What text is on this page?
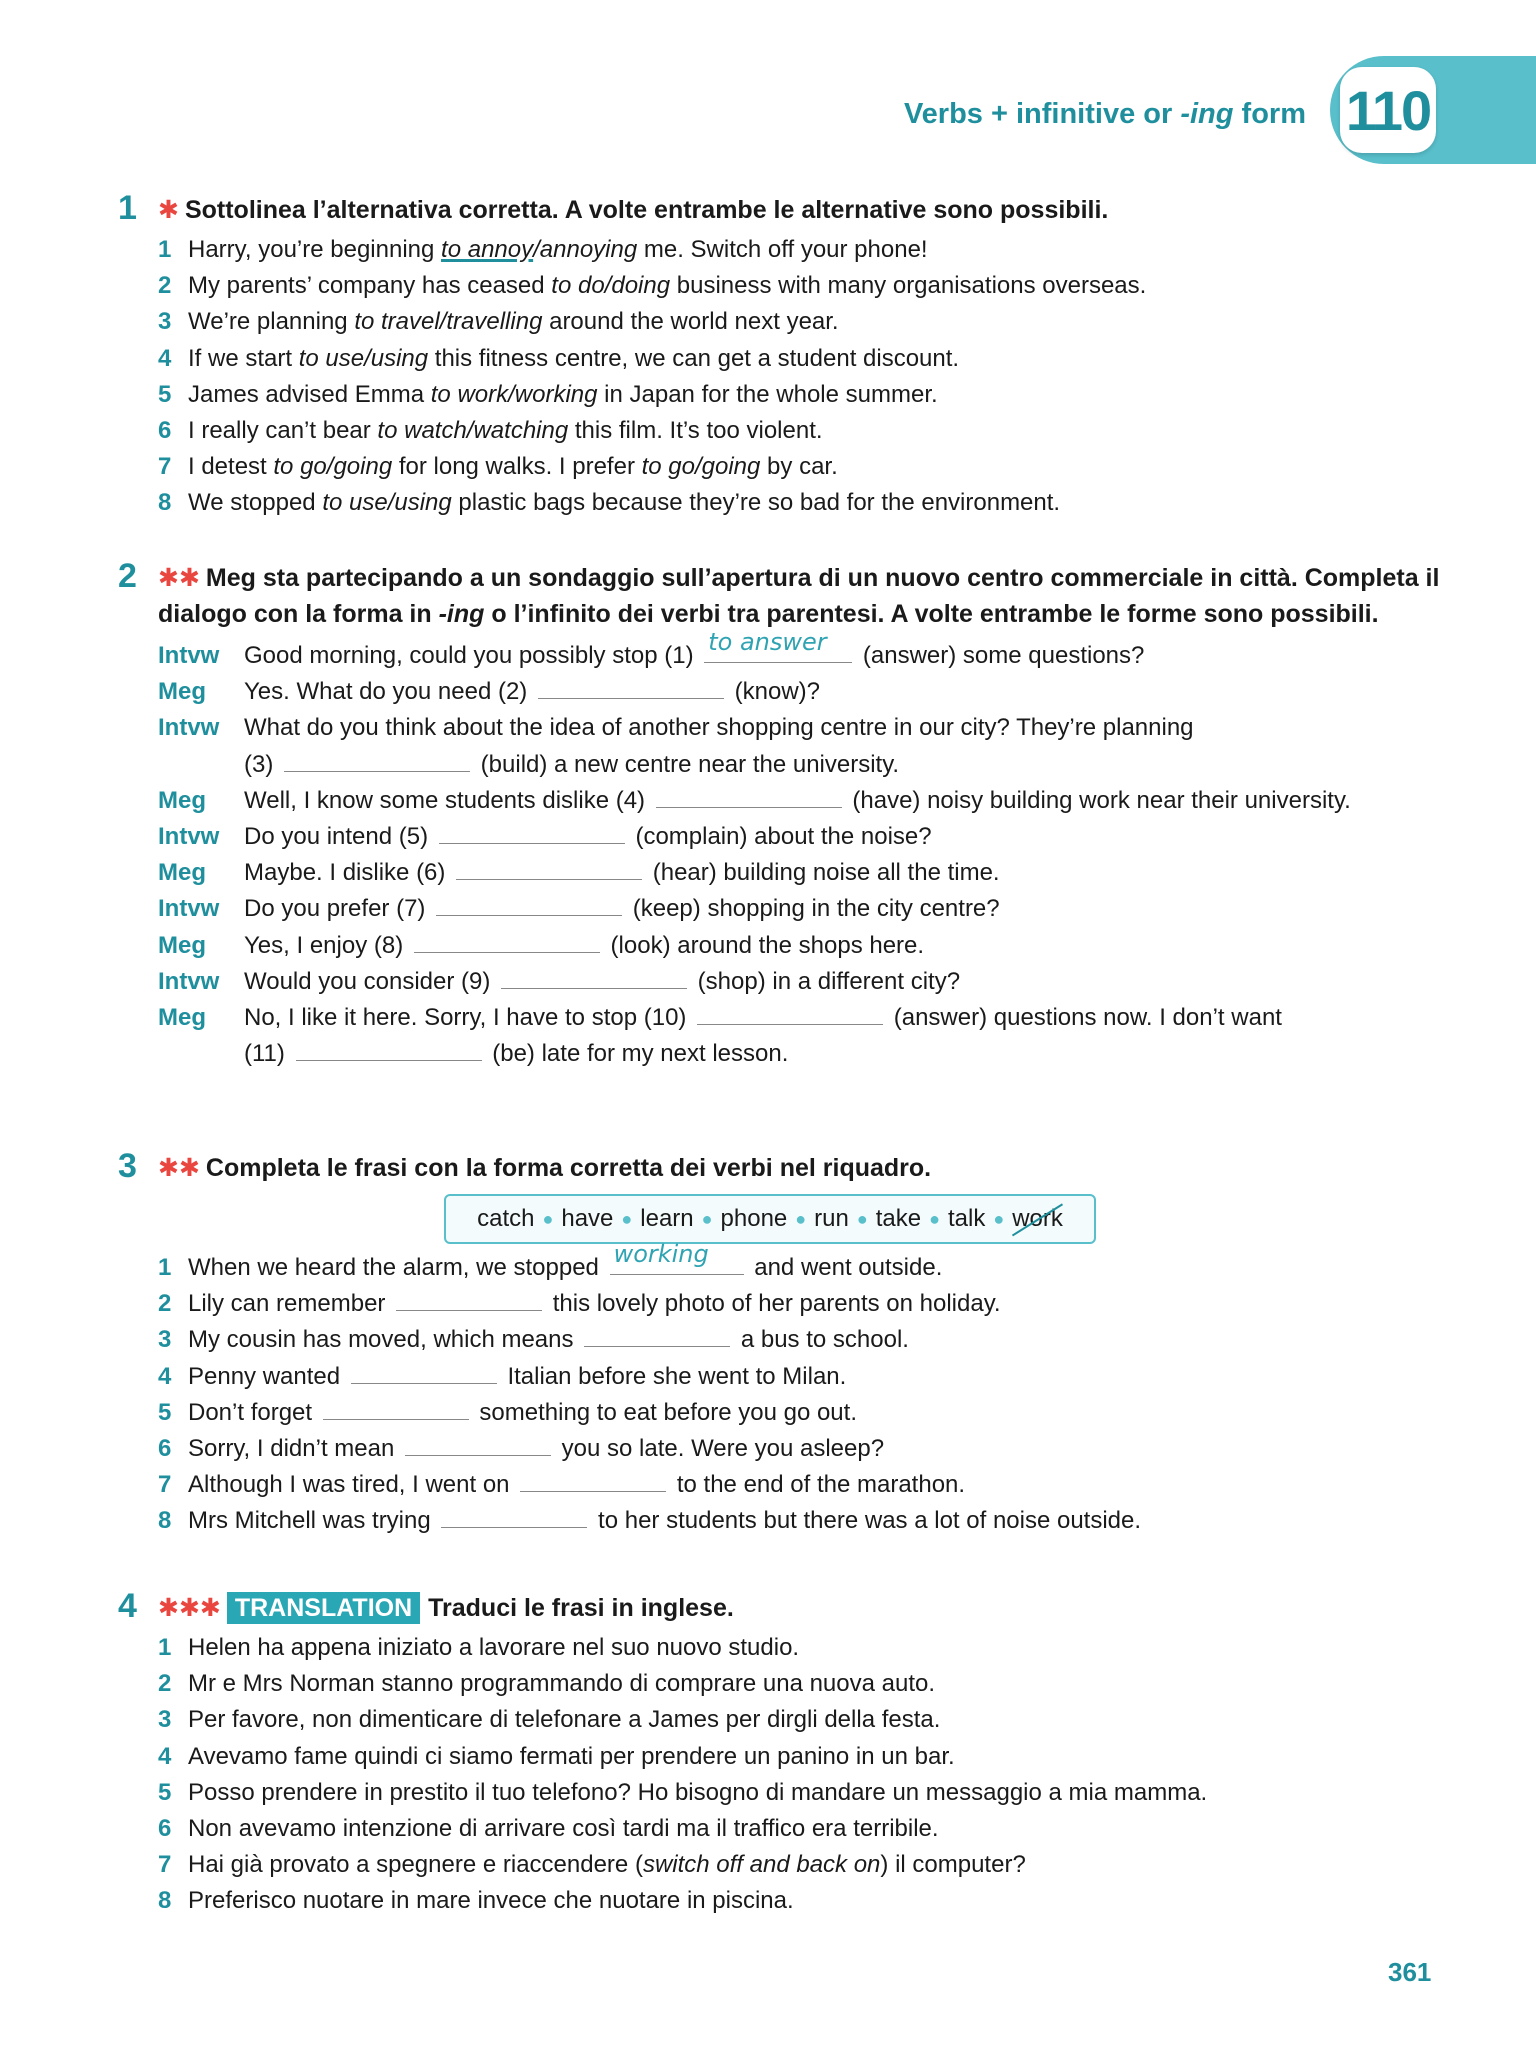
110
Verbs + infinitive or -ing form
1 ✱ Sottolinea l’alternativa corretta. A volte entrambe le alternative sono possibili.
1 Harry, you’re beginning to annoy/annoying me. Switch off your phone!
2 My parents’ company has ceased to do/doing business with many organisations overseas.
3 We’re planning to travel/travelling around the world next year.
4 If we start to use/using this fitness centre, we can get a student discount.
5 James advised Emma to work/working in Japan for the whole summer.
6 I really can’t bear to watch/watching this film. It’s too violent.
7 I detest to go/going for long walks. I prefer to go/going by car.
8 We stopped to use/using plastic bags because they’re so bad for the environment.
2 ✱✱ Meg sta partecipando a un sondaggio sull’apertura di un nuovo centro commerciale in città. Completa il dialogo con la forma in -ing o l’infinito dei verbi tra parentesi. A volte entrambe le forme sono possibili.
Intvw	Good morning, could you possibly stop (1) to answer (answer) some questions?
Meg	Yes. What do you need (2)	(know)?
Intvw	What do you think about the idea of another shopping centre in our city? They’re planning
(3)	(build) a new centre near the university.
Meg	Well, I know some students dislike (4)	(have) noisy building work near their university.
Intvw	Do you intend (5)	(complain) about the noise?
Meg	Maybe. I dislike (6)	(hear) building noise all the time.
Intvw	Do you prefer (7)	(keep) shopping in the city centre?
Meg	Yes, I enjoy (8)	(look) around the shops here.
Intvw	Would you consider (9)	(shop) in a different city?
Meg	No, I like it here. Sorry, I have to stop (10)	(answer) questions now. I don’t want
(11)	(be) late for my next lesson.
3 ✱✱ Completa le frasi con la forma corretta dei verbi nel riquadro.
catch ● have ● learn ● phone ● run ● take ● talk ● work
1 When we heard the alarm, we stopped working and went outside.
2 Lily can remember	this lovely photo of her parents on holiday.
3 My cousin has moved, which means	a bus to school.
4 Penny wanted	Italian before she went to Milan.
5 Don’t forget	something to eat before you go out.
6 Sorry, I didn’t mean	you so late. Were you asleep?
7 Although I was tired, I went on	to the end of the marathon.
8 Mrs Mitchell was trying	to her students but there was a lot of noise outside.
4 ✱✱✱ TRANSLATION Traduci le frasi in inglese.
1 Helen ha appena iniziato a lavorare nel suo nuovo studio.
2 Mr e Mrs Norman stanno programmando di comprare una nuova auto.
3 Per favore, non dimenticare di telefonare a James per dirgli della festa.
4 Avevamo fame quindi ci siamo fermati per prendere un panino in un bar.
5 Posso prendere in prestito il tuo telefono? Ho bisogno di mandare un messaggio a mia mamma.
6 Non avevamo intenzione di arrivare così tardi ma il traffico era terribile.
7 Hai già provato a spegnere e riaccendere (switch off and back on) il computer?
8 Preferisco nuotare in mare invece che nuotare in piscina.
361
